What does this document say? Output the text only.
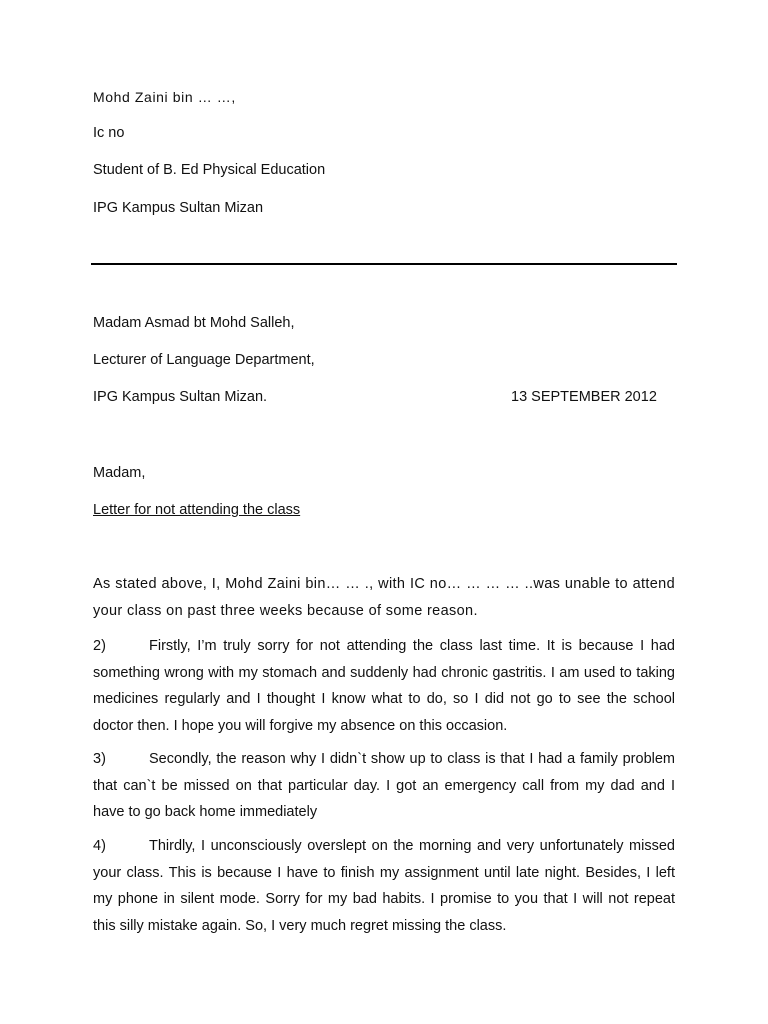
Mohd Zaini bin … …,
Ic no
Student of B. Ed Physical Education
IPG Kampus Sultan Mizan
Madam Asmad bt Mohd Salleh,
Lecturer of Language Department,
IPG Kampus Sultan Mizan.	13 SEPTEMBER 2012
Madam,
Letter for not attending the class

As stated above, I, Mohd Zaini bin… … ., with IC no… … … … ..was unable to attend your class on past three weeks because of some reason.

2)	Firstly, I’m truly sorry for not attending the class last time. It is because I had something wrong with my stomach and suddenly had chronic gastritis. I am used to taking medicines regularly and I thought I know what to do, so I did not go to see the school doctor then. I hope you will forgive my absence on this occasion.

3)	Secondly, the reason why I didn`t show up to class is that I had a family problem that can`t be missed on that particular day. I got an emergency call from my dad and I have to go back home immediately

4)	Thirdly, I unconsciously overslept on the morning and very unfortunately missed your class. This is because I have to finish my assignment until late night. Besides, I left my phone in silent mode. Sorry for my bad habits. I promise to you that I will not repeat this silly mistake again. So, I very much regret missing the class.
